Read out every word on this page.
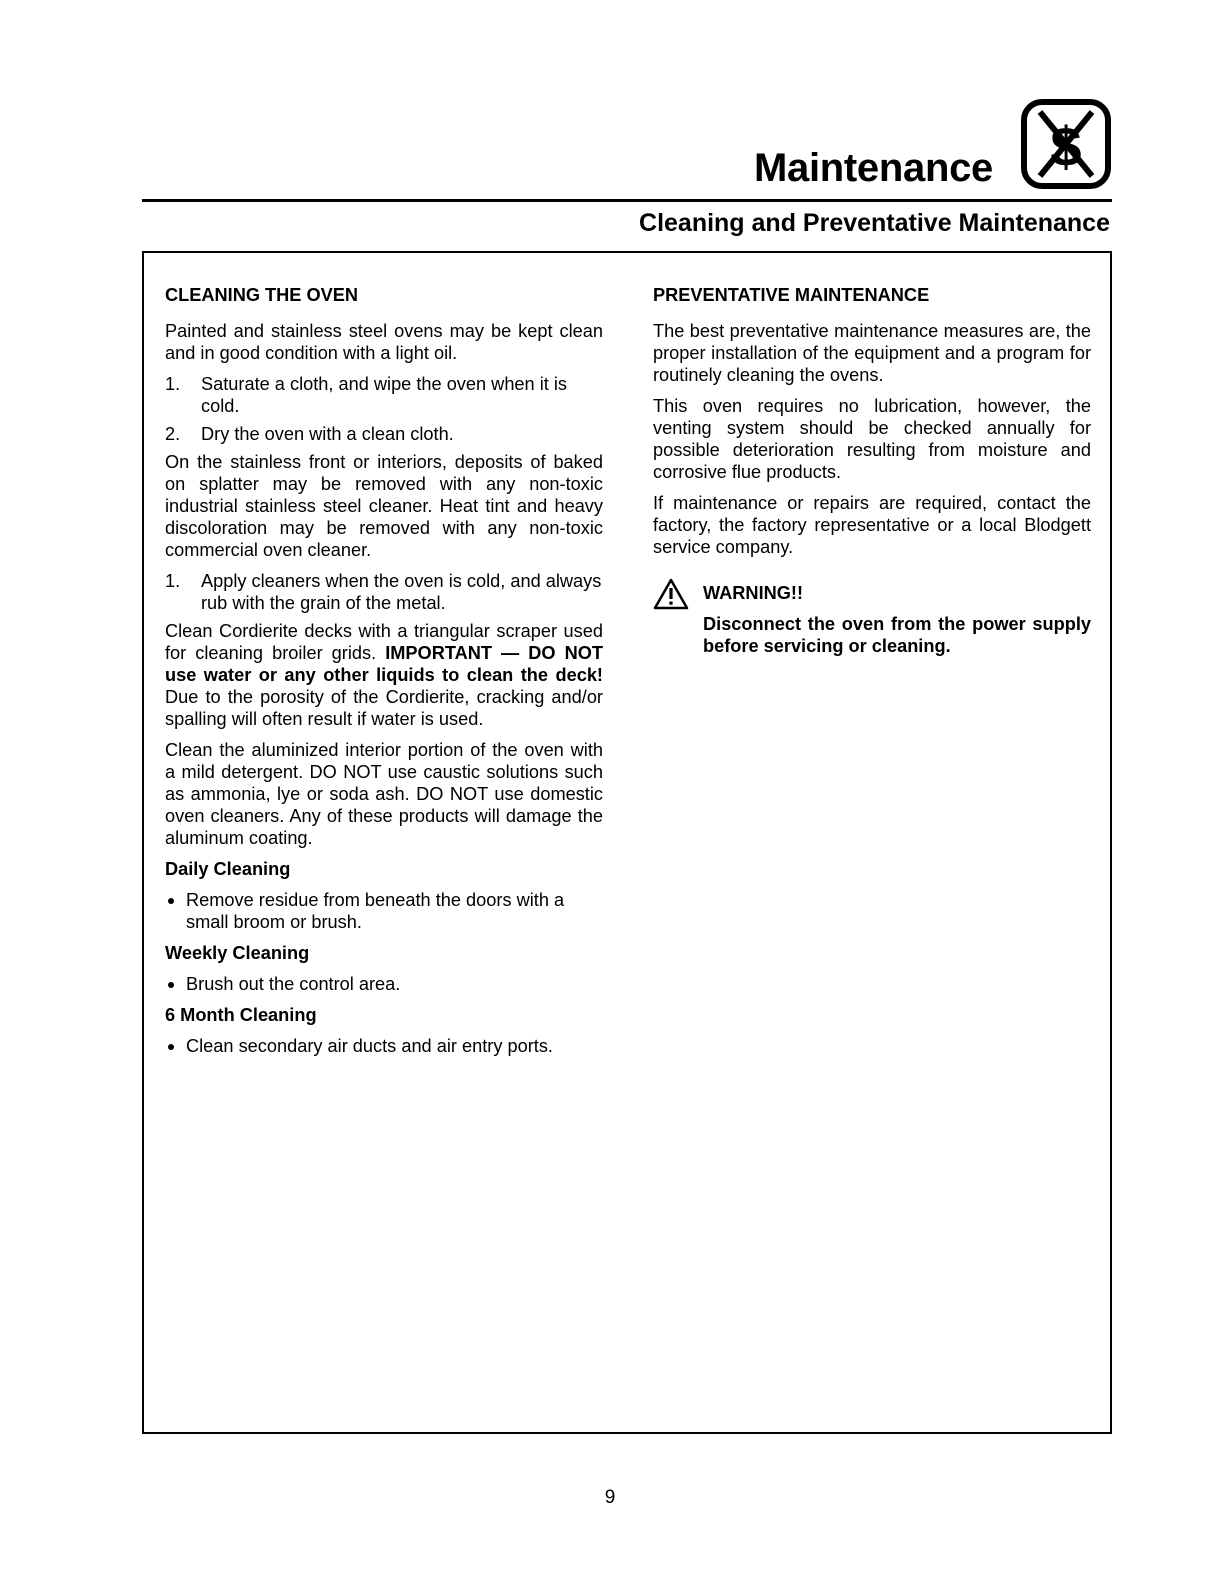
Maintenance $
Cleaning and Preventative Maintenance
CLEANING THE OVEN
Painted and stainless steel ovens may be kept clean and in good condition with a light oil.
1. Saturate a cloth, and wipe the oven when it is cold.
2. Dry the oven with a clean cloth.
On the stainless front or interiors, deposits of baked on splatter may be removed with any non-toxic industrial stainless steel cleaner. Heat tint and heavy discoloration may be removed with any non-toxic commercial oven cleaner.
1. Apply cleaners when the oven is cold, and always rub with the grain of the metal.
Clean Cordierite decks with a triangular scraper used for cleaning broiler grids. IMPORTANT — DO NOT use water or any other liquids to clean the deck! Due to the porosity of the Cordierite, cracking and/or spalling will often result if water is used.
Clean the aluminized interior portion of the oven with a mild detergent. DO NOT use caustic solutions such as ammonia, lye or soda ash. DO NOT use domestic oven cleaners. Any of these products will damage the aluminum coating.
Daily Cleaning
Remove residue from beneath the doors with a small broom or brush.
Weekly Cleaning
Brush out the control area.
6 Month Cleaning
Clean secondary air ducts and air entry ports.
PREVENTATIVE MAINTENANCE
The best preventative maintenance measures are, the proper installation of the equipment and a program for routinely cleaning the ovens.
This oven requires no lubrication, however, the venting system should be checked annually for possible deterioration resulting from moisture and corrosive flue products.
If maintenance or repairs are required, contact the factory, the factory representative or a local Blodgett service company.
WARNING!!
Disconnect the oven from the power supply before servicing or cleaning.
9
